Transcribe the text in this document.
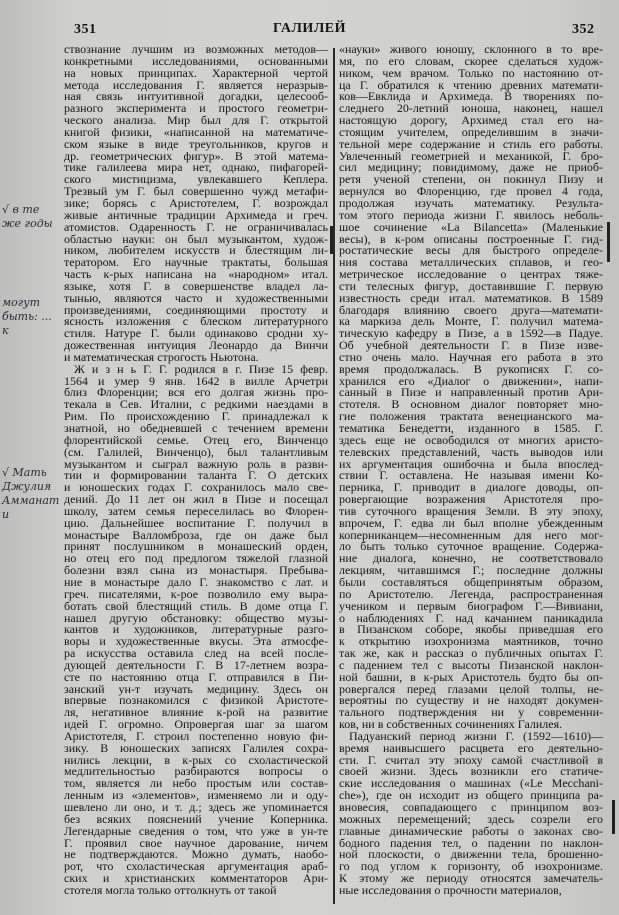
351	ГАЛИЛЕЙ	352
ствознание лучшим из возможных методов—
конкретными исследованиями, основанными
на новых принципах. Характерной чертой
метода исследования Г. является неразрыв-
ная связь интуитивной догадки, целесооб-
разного эксперимента и простого геометри-
ческого анализа. Мир был для Г. открытой
книгой физики, «написанной на математиче-
ском языке в виде треугольников, кругов и
др. геометрических фигур». В этой матема-
тике галилеева мира нет, однако, пифагорей-
ского мистицизма, увлекавшего Кеплера.
Трезвый ум Г. был совершенно чужд метафи-
зике; борясь с Аристотелем, Г. возрождал
живые античные традиции Архимеда и греч.
атомистов. Одаренность Г. не ограничивалась
областью науки: он был музыкантом, худож-
ником, любителем искусств и блестящим ли-
тератором. Его научные трактаты, большая
часть к-рых написана на «народном» итал.
языке, хотя Г. в совершенстве владел ла-
тынью, являются часто и художественными
произведениями, соединяющими простоту и
ясность изложения с блеском литературного
стиля. Натуре Г. были одинаково сродни ху-
дожественная интуиция Леонардо да Винчи
и математическая строгость Ньютона.
Ж и з н ь Г. Г. родился в г. Пизе 15 февр.
1564 и умер 9 янв. 1642 в вилле Арчетри
близ Флоренции; вся его долгая жизнь про-
текала в Сев. Италии, с редкими наездами в
Рим. По происхождению Г. принадлежал к
знатной, но обедневшей с течением времени
флорентийской семье. Отец его, Винченцо
(см. Галилей, Винченцо), был талантливым
музыкантом и сыграл важную роль в разви-
тии и формировании таланта Г. О детских
и юношеских годах Г. сохранилось мало све-
дений. До 11 лет он жил в Пизе и посещал
школу, затем семья переселилась во Флорен-
цию. Дальнейшее воспитание Г. получил в
монастыре Валломброза, где он даже был
принят послушником в монашеский орден,
но отец его под предлогом тяжелой глазной
болезни взял сына из монастыря. Пребыва-
ние в монастыре дало Г. знакомство с лат. и
греч. писателями, к-рое позволило ему выра-
ботать свой блестящий стиль. В доме отца Г.
нашел другую обстановку: общество музы-
кантов и художников, литературные разго-
воры и художественные вкусы. Эта атмосфе-
ра искусства оставила след на всей после-
дующей деятельности Г. В 17-летнем возра-
сте по настоянию отца Г. отправился в Пи-
занский ун-т изучать медицину. Здесь он
впервые познакомился с физикой Аристоте-
ля, негативное влияние к-рой на развитие
идей Г. огромно. Опровергая шаг за шагом
Аристотеля, Г. строил постепенно новую фи-
зику. В юношеских записях Галилея сохра-
нились лекции, в к-рых со схоластической
медлительностью разбираются вопросы о
том, является ли небо простым или состав-
ленным из «элементов», изменяемо ли и оду-
шевлено ли оно, и т. д.; здесь же упоминается
без всяких пояснений учение Коперника.
Легендарные сведения о том, что уже в ун-те
Г. проявил свое научное дарование, ничем
не подтверждаются. Можно думать, наобо-
рот, что схоластическая аргументация араб-
ских и христианских комментаторов Ари-
стотеля могла только оттолкнуть от такой
«науки» живого юношу, склонного в то вре-
мя, по его словам, скорее сделаться худож-
ником, чем врачом. Только по настоянию от-
ца Г. обратился к чтению древних математи-
ков—Евклида и Архимеда. В творениях по-
следнего 20-летний юноша, наконец, нашел
настоящую дорогу, Архимед стал его на-
стоящим учителем, определившим в значи-
тельной мере содержание и стиль его работы.
Увлеченный геометрией и механикой, Г. бро-
сил медицину; повидимому, даже не приоб-
ретя ученой степени, он покинул Пизу и
вернулся во Флоренцию, где провел 4 года,
продолжая изучать математику. Результа-
том этого периода жизни Г. явилось неболь-
шое сочинение «La Bilancetta» (Маленькие
весы), в к-ром описаны построенные Г. гид-
ростатические весы для быстрого определе-
ния состава металлических сплавов, и гео-
метрическое исследование о центрах тяже-
сти телесных фигур, доставившие Г. первую
известность среди итал. математиков. В 1589
благодаря влиянию своего друга—математи-
ка маркиза дель Монте, Г. получил матема-
тическую кафедру в Пизе, а в 1592—в Падуе.
Об учебной деятельности Г. в Пизе изве-
стно очень мало. Научная его работа в это
время продолжалась. В рукописях Г. со-
хранился его «Диалог о движении», напи-
санный в Пизе и направленный против Ари-
стотеля. В основном диалог повторяет мно-
гие положения трактата венецианского ма-
тематика Бенедетти, изданного в 1585. Г.
здесь еще не освободился от многих аристо-
телевских представлений, часть выводов или
их аргументация ошибочна и была впослед-
ствии Г. оставлена. Не называя имени Ко-
перника, Г. приводит в диалоге доводы, оп-
ровергающие возражения Аристотеля про-
тив суточного вращения Земли. В эту эпоху,
впрочем, Г. едва ли был вполне убежденным
коперниканцем—несомненным для него мог-
ло быть только суточное вращение. Содержа-
ние диалога, конечно, не соответствовало
лекциям, читавшимся Г.; последние должны
были составляться общепринятым образом,
по Аристотелю. Легенда, распространенная
учеником и первым биографом Г.—Вивиани,
о наблюдениях Г. над качанием паникадила
в Пизанском соборе, якобы приведшая его
к открытию изохронизма маятников, точно
так же, как и рассказ о публичных опытах Г.
с падением тел с высоты Пизанской наклон-
ной башни, в к-рых Аристотель будто бы оп-
ровергался перед глазами целой толпы, не-
вероятны по существу и не находят докумен-
тального подтверждения ни у современни-
ков, ни в собственных сочинениях Галилея.
Падуанский период жизни Г. (1592—1610)—
время наивысшего расцвета его деятельно-
сти. Г. считал эту эпоху самой счастливой в
своей жизни. Здесь возникли его статиче-
ские исследования о машинах («Le Mecchani-
che»), где он исходит из общего принципа ра-
вновесия, совпадающего с принципом воз-
можных перемещений; здесь созрели его
главные динамические работы о законах сво-
бодного падения тел, о падении по наклон-
ной плоскости, о движении тела, брошенно-
го под углом к горизонту, об изохронизме.
К этому же периоду относятся замечатель-
ные исследования о прочности материалов,
√ в те же годы
могут быть: ... к
√ Мать Джулия Амманати
